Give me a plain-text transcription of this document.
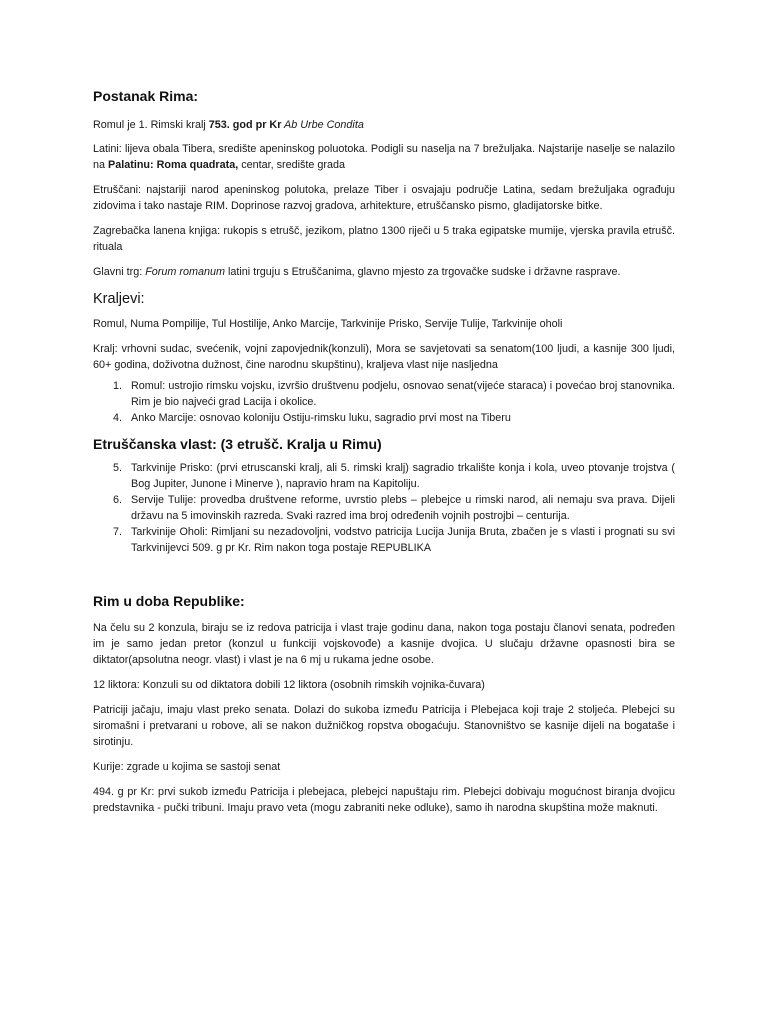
Postanak Rima:

Romul je 1. Rimski kralj 753. god pr Kr Ab Urbe Condita

Latini: lijeva obala Tibera, središte apeninskog poluotoka. Podigli su naselja na 7 brežuljaka. Najstarije naselje se nalazilo na Palatinu: Roma quadrata, centar, središte grada

Etruščani: najstariji narod apeninskog polutoka, prelaze Tiber i osvajaju područje Latina, sedam brežuljaka ograđuju zidovima i tako nastaje RIM. Doprinose razvoj gradova, arhitekture, etruščansko pismo, gladijatorske bitke.

Zagrebačka lanena knjiga: rukopis s etrušč, jezikom, platno 1300 riječi u 5 traka egipatske mumije, vjerska pravila etrušč. rituala

Glavni trg: Forum romanum latini trguju s Etruščanima, glavno mjesto za trgovačke sudske i državne rasprave.

Kraljevi:

Romul, Numa Pompilije, Tul Hostilije, Anko Marcije, Tarkvinije Prisko, Servije Tulije, Tarkvinije oholi

Kralj: vrhovni sudac, svećenik, vojni zapovjednik(konzuli), Mora se savjetovati sa senatom(100 ljudi, a kasnije 300 ljudi, 60+ godina, doživotna dužnost, čine narodnu skupštinu), kraljeva vlast nije nasljedna

1. Romul: ustrojio rimsku vojsku, izvršio društvenu podjelu, osnovao senat(vijeće staraca) i povećao broj stanovnika. Rim je bio najveći grad Lacija i okolice.
4. Anko Marcije: osnovao koloniju Ostiju-rimsku luku, sagradio prvi most na Tiberu
Etruščanska vlast: (3 etrušč. Kralja u Rimu)
5. Tarkvinije Prisko: (prvi etruscanski kralj, ali 5. rimski kralj) sagradio trkalište konja i kola, uveo ptovanje trojstva ( Bog Jupiter, Junone i Minerve ), napravio hram na Kapitoliju.
6. Servije Tulije: provedba društvene reforme, uvrstio plebs – plebejce u rimski narod, ali nemaju sva prava. Dijeli državu na 5 imovinskih razreda. Svaki razred ima broj određenih vojnih postrojbi – centurija.
7. Tarkvinije Oholi: Rimljani su nezadovoljni, vodstvo patricija Lucija Junija Bruta, zbačen je s vlasti i prognati su svi Tarkvinijevci 509. g pr Kr. Rim nakon toga postaje REPUBLIKA
Rim u doba Republike:

Na čelu su 2 konzula, biraju se iz redova patricija i vlast traje godinu dana, nakon toga postaju članovi senata, podređen im je samo jedan pretor (konzul u funkciji vojskovođe) a kasnije dvojica. U slučaju državne opasnosti bira se diktator(apsolutna neogr. vlast) i vlast je na 6 mj u rukama jedne osobe.

12 liktora: Konzuli su od diktatora dobili 12 liktora (osobnih rimskih vojnika-čuvara)

Patriciji jačaju, imaju vlast preko senata. Dolazi do sukoba između Patricija i Plebejaca koji traje 2 stoljeća. Plebejci su siromašni i pretvarani u robove, ali se nakon dužničkog ropstva obogaćuju. Stanovništvo se kasnije dijeli na bogataše i sirotinju.

Kurije: zgrade u kojima se sastoji senat

494. g pr Kr: prvi sukob između Patricija i plebejaca, plebejci napuštaju rim. Plebejci dobivaju mogućnost biranja dvojicu predstavnika - pučki tribuni. Imaju pravo veta (mogu zabraniti neke odluke), samo ih narodna skupština može maknuti.
